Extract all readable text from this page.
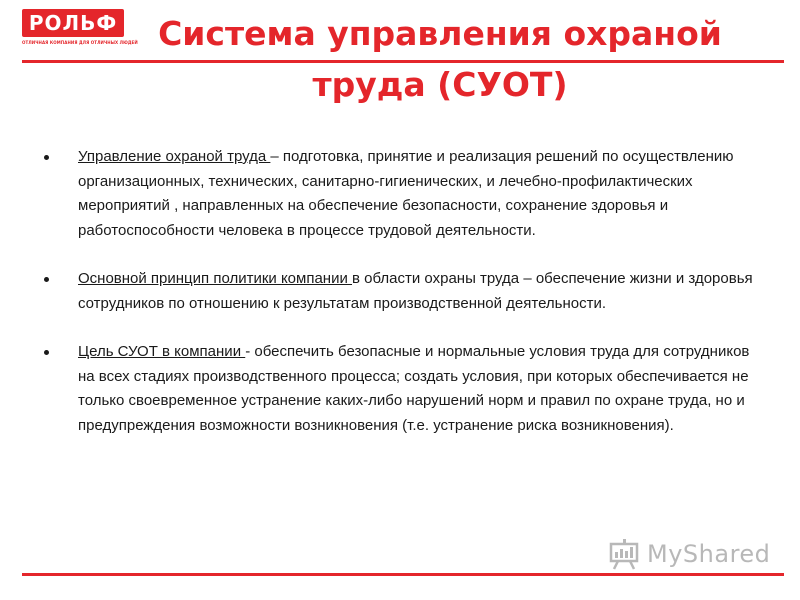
РОЛЬФ
ОТЛИЧНАЯ КОМПАНИЯ ДЛЯ ОТЛИЧНЫХ ЛЮДЕЙ Система управления охраной
труда (СУОТ)
Управление охраной труда – подготовка, принятие и реализация решений по осуществлению организационных, технических, санитарно-гигиенических, и лечебно-профилактических мероприятий , направленных на обеспечение безопасности, сохранение здоровья и работоспособности человека в процессе трудовой деятельности.
Основной принцип политики компании в области охраны труда – обеспечение жизни и здоровья сотрудников по отношению к результатам производственной деятельности.
Цель СУОТ в компании - обеспечить безопасные и нормальные условия труда для сотрудников на всех стадиях производственного процесса; создать условия, при которых обеспечивается не только своевременное устранение каких-либо нарушений норм и правил по охране труда, но и предупреждения возможности возникновения (т.е. устранение риска возникновения).
MyShared
